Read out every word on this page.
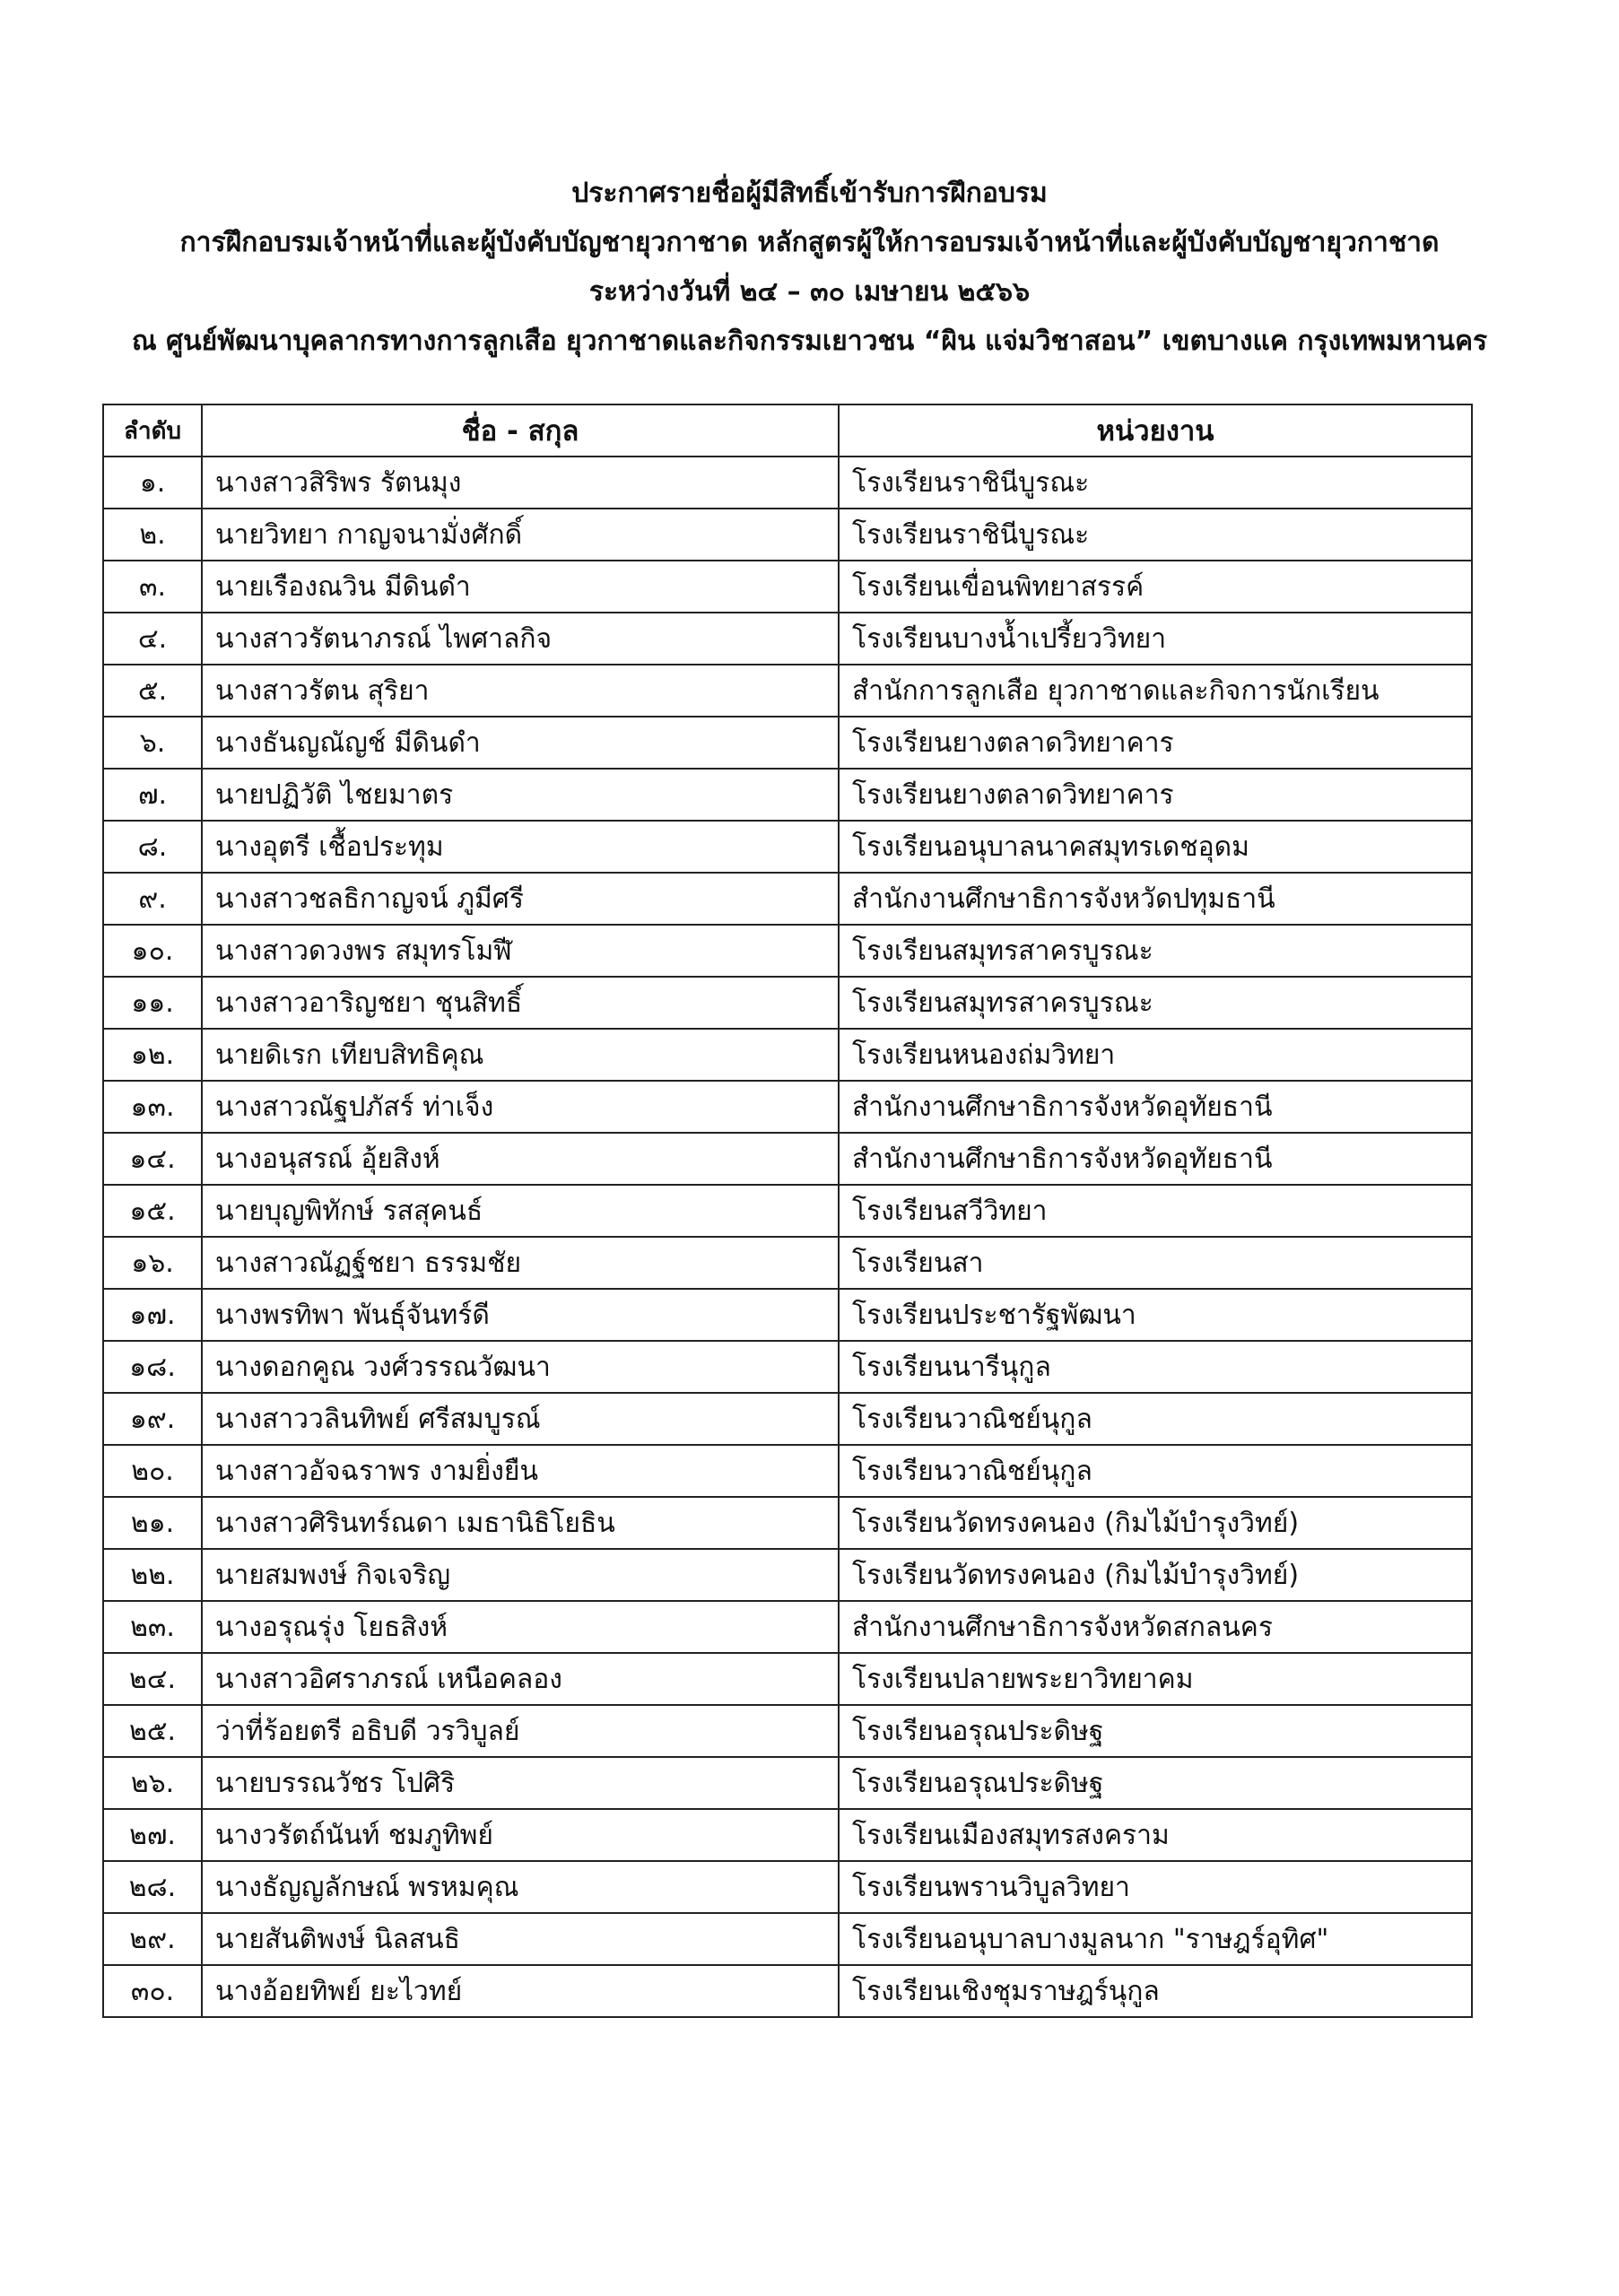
ประกาศรายชื่อผู้มีสิทธิ์เข้ารับการฝึกอบรม
การฝึกอบรมเจ้าหน้าที่และผู้บังคับบัญชายุวกาชาด หลักสูตรผู้ให้การอบรมเจ้าหน้าที่และผู้บังคับบัญชายุวกาชาด
ระหว่างวันที่ ๒๔ – ๓๐ เมษายน ๒๕๖๖
ณ ศูนย์พัฒนาบุคลากรทางการลูกเสือ ยุวกาชาดและกิจกรรมเยาวชน “ผิน แจ่มวิชาสอน” เขตบางแค กรุงเทพมหานคร
ลำดับ	ชื่อ - สกุล	หน่วยงาน
๑.	นางสาวสิริพร รัตนมุง	โรงเรียนราชินีบูรณะ
๒.	นายวิทยา กาญจนามั่งศักดิ์	โรงเรียนราชินีบูรณะ
๓.	นายเรืองณวิน มีดินดำ	โรงเรียนเขื่อนพิทยาสรรค์
๔.	นางสาวรัตนาภรณ์ ไพศาลกิจ	โรงเรียนบางน้ำเปรี้ยววิทยา
๕.	นางสาวรัตน สุริยา	สำนักการลูกเสือ ยุวกาชาดและกิจการนักเรียน
๖.	นางธันญณัญช์ มีดินดำ	โรงเรียนยางตลาดวิทยาคาร
๗.	นายปฏิวัติ ไชยมาตร	โรงเรียนยางตลาดวิทยาคาร
๘.	นางอุตรี เชื้อประทุม	โรงเรียนอนุบาลนาคสมุทรเดชอุดม
๙.	นางสาวชลธิกาญจน์ ภูมีศรี	สำนักงานศึกษาธิการจังหวัดปทุมธานี
๑๐.	นางสาวดวงพร สมุทรโมฬี	โรงเรียนสมุทรสาครบูรณะ
๑๑.	นางสาวอาริญชยา ชุนสิทธิ์	โรงเรียนสมุทรสาครบูรณะ
๑๒.	นายดิเรก เทียบสิทธิคุณ	โรงเรียนหนองถ่มวิทยา
๑๓.	นางสาวณัฐปภัสร์ ท่าเจ็ง	สำนักงานศึกษาธิการจังหวัดอุทัยธานี
๑๔.	นางอนุสรณ์ อุ้ยสิงห์	สำนักงานศึกษาธิการจังหวัดอุทัยธานี
๑๕.	นายบุญพิทักษ์ รสสุคนธ์	โรงเรียนสวีวิทยา
๑๖.	นางสาวณัฏฐ์ชยา ธรรมชัย	โรงเรียนสา
๑๗.	นางพรทิพา พันธุ์จันทร์ดี	โรงเรียนประชารัฐพัฒนา
๑๘.	นางดอกคูณ วงศ์วรรณวัฒนา	โรงเรียนนารีนุกูล
๑๙.	นางสาววลินทิพย์ ศรีสมบูรณ์	โรงเรียนวาณิชย์นุกูล
๒๐.	นางสาวอัจฉราพร งามยิ่งยืน	โรงเรียนวาณิชย์นุกูล
๒๑.	นางสาวศิรินทร์ณดา เมธานิธิโยธิน	โรงเรียนวัดทรงคนอง (กิมไม้บำรุงวิทย์)
๒๒.	นายสมพงษ์ กิจเจริญ	โรงเรียนวัดทรงคนอง (กิมไม้บำรุงวิทย์)
๒๓.	นางอรุณรุ่ง โยธสิงห์	สำนักงานศึกษาธิการจังหวัดสกลนคร
๒๔.	นางสาวอิศราภรณ์ เหนือคลอง	โรงเรียนปลายพระยาวิทยาคม
๒๕.	ว่าที่ร้อยตรี อธิบดี วรวิบูลย์	โรงเรียนอรุณประดิษฐ
๒๖.	นายบรรณวัชร โปศิริ	โรงเรียนอรุณประดิษฐ
๒๗.	นางวรัตถ์นันท์ ชมภูทิพย์	โรงเรียนเมืองสมุทรสงคราม
๒๘.	นางธัญญลักษณ์ พรหมคุณ	โรงเรียนพรานวิบูลวิทยา
๒๙.	นายสันติพงษ์ นิลสนธิ	โรงเรียนอนุบาลบางมูลนาก "ราษฎร์อุทิศ"
๓๐.	นางอ้อยทิพย์ ยะไวทย์	โรงเรียนเชิงชุมราษฎร์นุกูล
